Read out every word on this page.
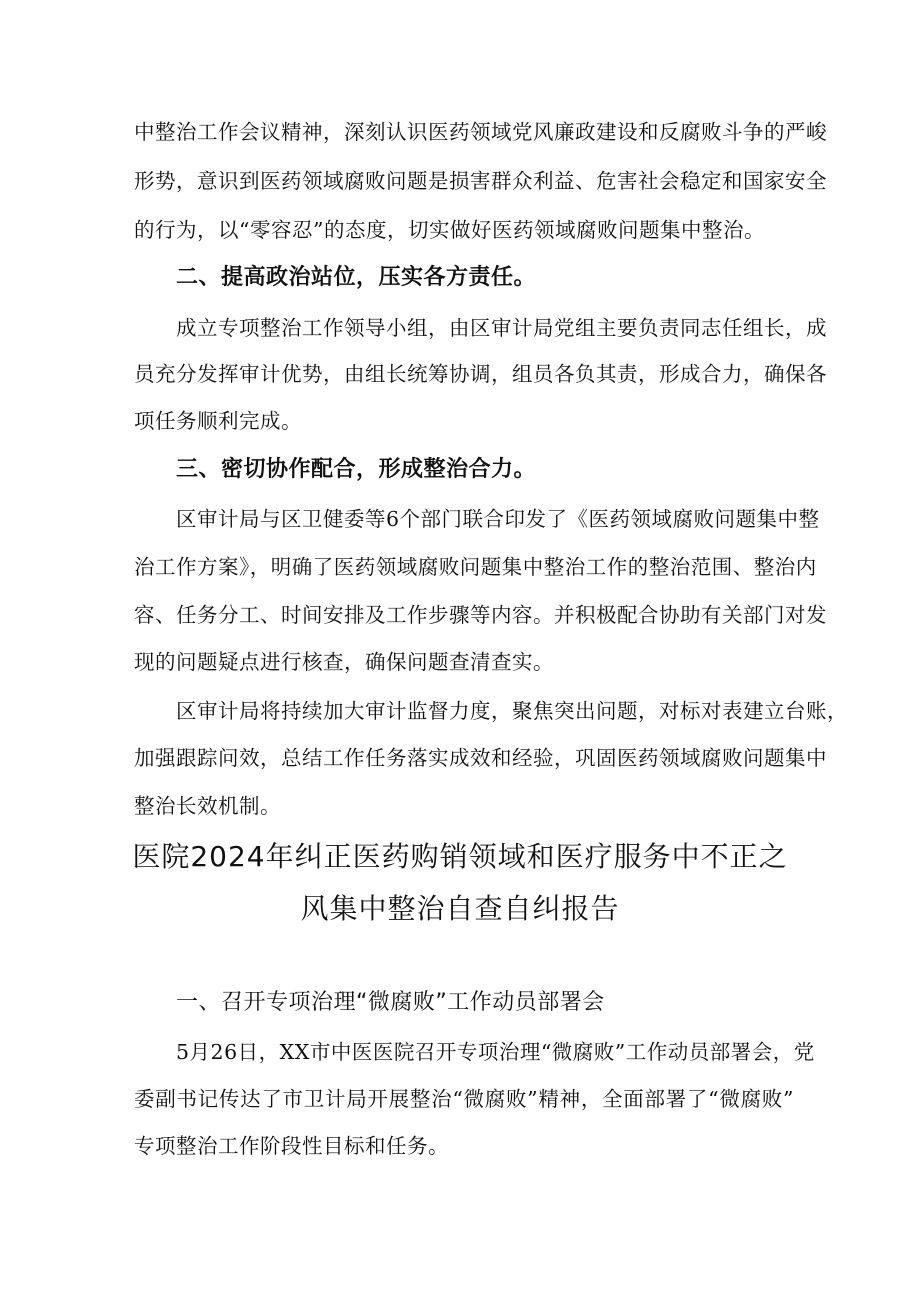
中整治工作会议精神，深刻认识医药领域党风廉政建设和反腐败斗争的严峻
形势，意识到医药领域腐败问题是损害群众利益、危害社会稳定和国家安全
的行为，以“零容忍”的态度，切实做好医药领域腐败问题集中整治。
二、提高政治站位，压实各方责任。
成立专项整治工作领导小组，由区审计局党组主要负责同志任组长，成
员充分发挥审计优势，由组长统筹协调，组员各负其责，形成合力，确保各
项任务顺利完成。
三、密切协作配合，形成整治合力。
区审计局与区卫健委等6个部门联合印发了《医药领域腐败问题集中整
治工作方案》，明确了医药领域腐败问题集中整治工作的整治范围、整治内
容、任务分工、时间安排及工作步骤等内容。并积极配合协助有关部门对发
现的问题疑点进行核查，确保问题查清查实。
区审计局将持续加大审计监督力度，聚焦突出问题，对标对表建立台账，
加强跟踪问效，总结工作任务落实成效和经验，巩固医药领域腐败问题集中
整治长效机制。
医院2024年纠正医药购销领域和医疗服务中不正之
风集中整治自查自纠报告
一、召开专项治理“微腐败”工作动员部署会
5月26日，XX市中医医院召开专项治理“微腐败”工作动员部署会，党
委副书记传达了市卫计局开展整治“微腐败”精神，全面部署了“微腐败”
专项整治工作阶段性目标和任务。
